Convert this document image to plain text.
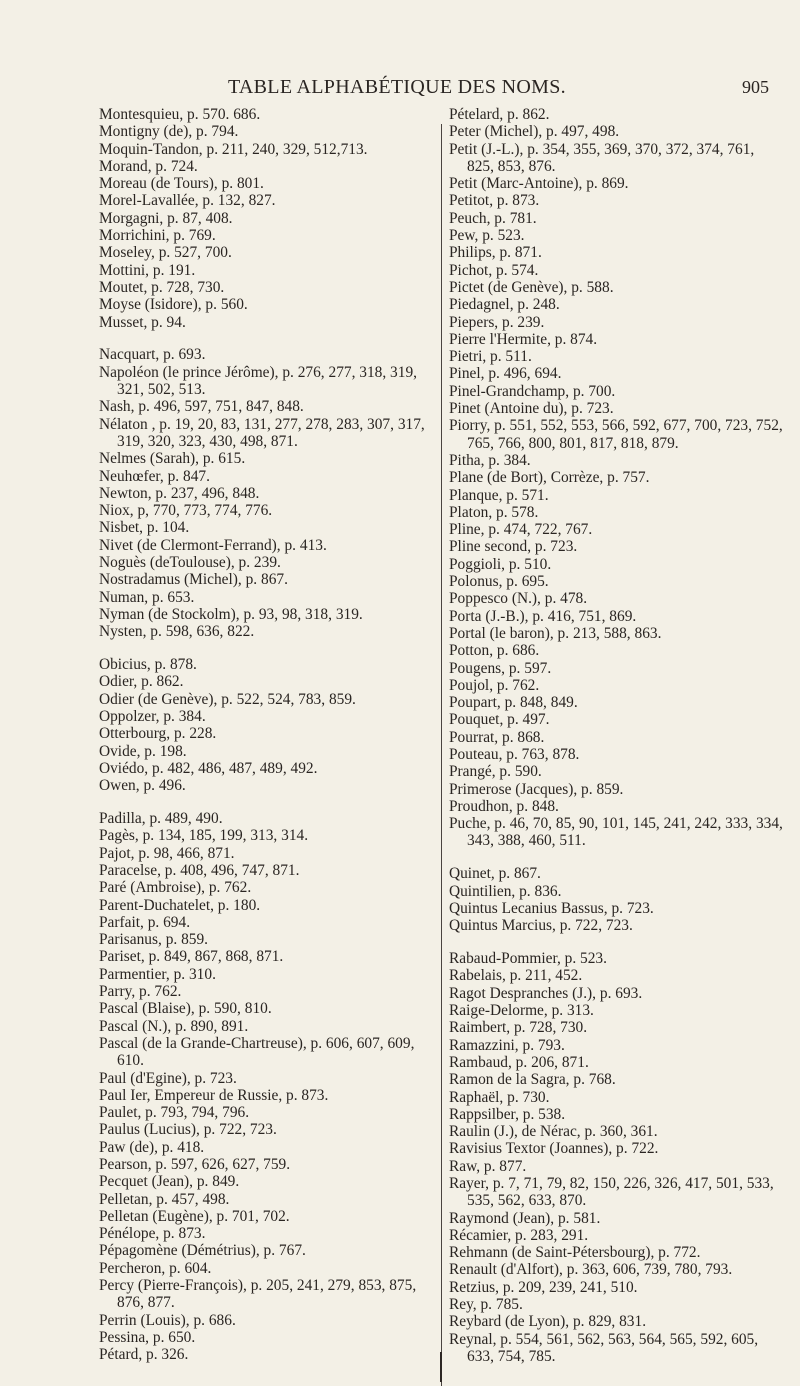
TABLE ALPHABÉTIQUE DES NOMS.	905
Montesquieu, p. 570. 686.
Montigny (de), p. 794.
Moquin-Tandon, p. 211, 240, 329, 512,713.
Morand, p. 724.
Moreau (de Tours), p. 801.
Morel-Lavallée, p. 132, 827.
Morgagni, p. 87, 408.
Morrichini, p. 769.
Moseley, p. 527, 700.
Mottini, p. 191.
Moutet, p. 728, 730.
Moyse (Isidore), p. 560.
Musset, p. 94.
Nacquart, p. 693.
Napoléon (le prince Jérôme), p. 276, 277, 318, 319, 321, 502, 513.
Nash, p. 496, 597, 751, 847, 848.
Nélaton , p. 19, 20, 83, 131, 277, 278, 283, 307, 317, 319, 320, 323, 430, 498, 871.
Nelmes (Sarah), p. 615.
Neuhœfer, p. 847.
Newton, p. 237, 496, 848.
Niox, p, 770, 773, 774, 776.
Nisbet, p. 104.
Nivet (de Clermont-Ferrand), p. 413.
Noguès (deToulouse), p. 239.
Nostradamus (Michel), p. 867.
Numan, p. 653.
Nyman (de Stockolm), p. 93, 98, 318, 319.
Nysten, p. 598, 636, 822.
Obicius, p. 878.
Odier, p. 862.
Odier (de Genève), p. 522, 524, 783, 859.
Oppolzer, p. 384.
Otterbourg, p. 228.
Ovide, p. 198.
Oviédo, p. 482, 486, 487, 489, 492.
Owen, p. 496.
Padilla, p. 489, 490.
Pagès, p. 134, 185, 199, 313, 314.
Pajot, p. 98, 466, 871.
Paracelse, p. 408, 496, 747, 871.
Paré (Ambroise), p. 762.
Parent-Duchatelet, p. 180.
Parfait, p. 694.
Parisanus, p. 859.
Pariset, p. 849, 867, 868, 871.
Parmentier, p. 310.
Parry, p. 762.
Pascal (Blaise), p. 590, 810.
Pascal (N.), p. 890, 891.
Pascal (de la Grande-Chartreuse), p. 606, 607, 609, 610.
Paul (d'Egine), p. 723.
Paul Ier, Empereur de Russie, p. 873.
Paulet, p. 793, 794, 796.
Paulus (Lucius), p. 722, 723.
Paw (de), p. 418.
Pearson, p. 597, 626, 627, 759.
Pecquet (Jean), p. 849.
Pelletan, p. 457, 498.
Pelletan (Eugène), p. 701, 702.
Pénélope, p. 873.
Pépagomène (Démétrius), p. 767.
Percheron, p. 604.
Percy (Pierre-François), p. 205, 241, 279, 853, 875, 876, 877.
Perrin (Louis), p. 686.
Pessina, p. 650.
Pétard, p. 326.
Pételard, p. 862.
Peter (Michel), p. 497, 498.
Petit (J.-L.), p. 354, 355, 369, 370, 372, 374, 761, 825, 853, 876.
Petit (Marc-Antoine), p. 869.
Petitot, p. 873.
Peuch, p. 781.
Pew, p. 523.
Philips, p. 871.
Pichot, p. 574.
Pictet (de Genève), p. 588.
Piedagnel, p. 248.
Piepers, p. 239.
Pierre l'Hermite, p. 874.
Pietri, p. 511.
Pinel, p. 496, 694.
Pinel-Grandchamp, p. 700.
Pinet (Antoine du), p. 723.
Piorry, p. 551, 552, 553, 566, 592, 677, 700, 723, 752, 765, 766, 800, 801, 817, 818, 879.
Pitha, p. 384.
Plane (de Bort), Corrèze, p. 757.
Planque, p. 571.
Platon, p. 578.
Pline, p. 474, 722, 767.
Pline second, p. 723.
Poggioli, p. 510.
Polonus, p. 695.
Poppesco (N.), p. 478.
Porta (J.-B.), p. 416, 751, 869.
Portal (le baron), p. 213, 588, 863.
Potton, p. 686.
Pougens, p. 597.
Poujol, p. 762.
Poupart, p. 848, 849.
Pouquet, p. 497.
Pourrat, p. 868.
Pouteau, p. 763, 878.
Prangé, p. 590.
Primerose (Jacques), p. 859.
Proudhon, p. 848.
Puche, p. 46, 70, 85, 90, 101, 145, 241, 242, 333, 334, 343, 388, 460, 511.
Quinet, p. 867.
Quintilien, p. 836.
Quintus Lecanius Bassus, p. 723.
Quintus Marcius, p. 722, 723.
Rabaud-Pommier, p. 523.
Rabelais, p. 211, 452.
Ragot Despranches (J.), p. 693.
Raige-Delorme, p. 313.
Raimbert, p. 728, 730.
Ramazzini, p. 793.
Rambaud, p. 206, 871.
Ramon de la Sagra, p. 768.
Raphaël, p. 730.
Rappsilber, p. 538.
Raulin (J.), de Nérac, p. 360, 361.
Ravisius Textor (Joannes), p. 722.
Raw, p. 877.
Rayer, p. 7, 71, 79, 82, 150, 226, 326, 417, 501, 533, 535, 562, 633, 870.
Raymond (Jean), p. 581.
Récamier, p. 283, 291.
Rehmann (de Saint-Pétersbourg), p. 772.
Renault (d'Alfort), p. 363, 606, 739, 780, 793.
Retzius, p. 209, 239, 241, 510.
Rey, p. 785.
Reybard (de Lyon), p. 829, 831.
Reynal, p. 554, 561, 562, 563, 564, 565, 592, 605, 633, 754, 785.
